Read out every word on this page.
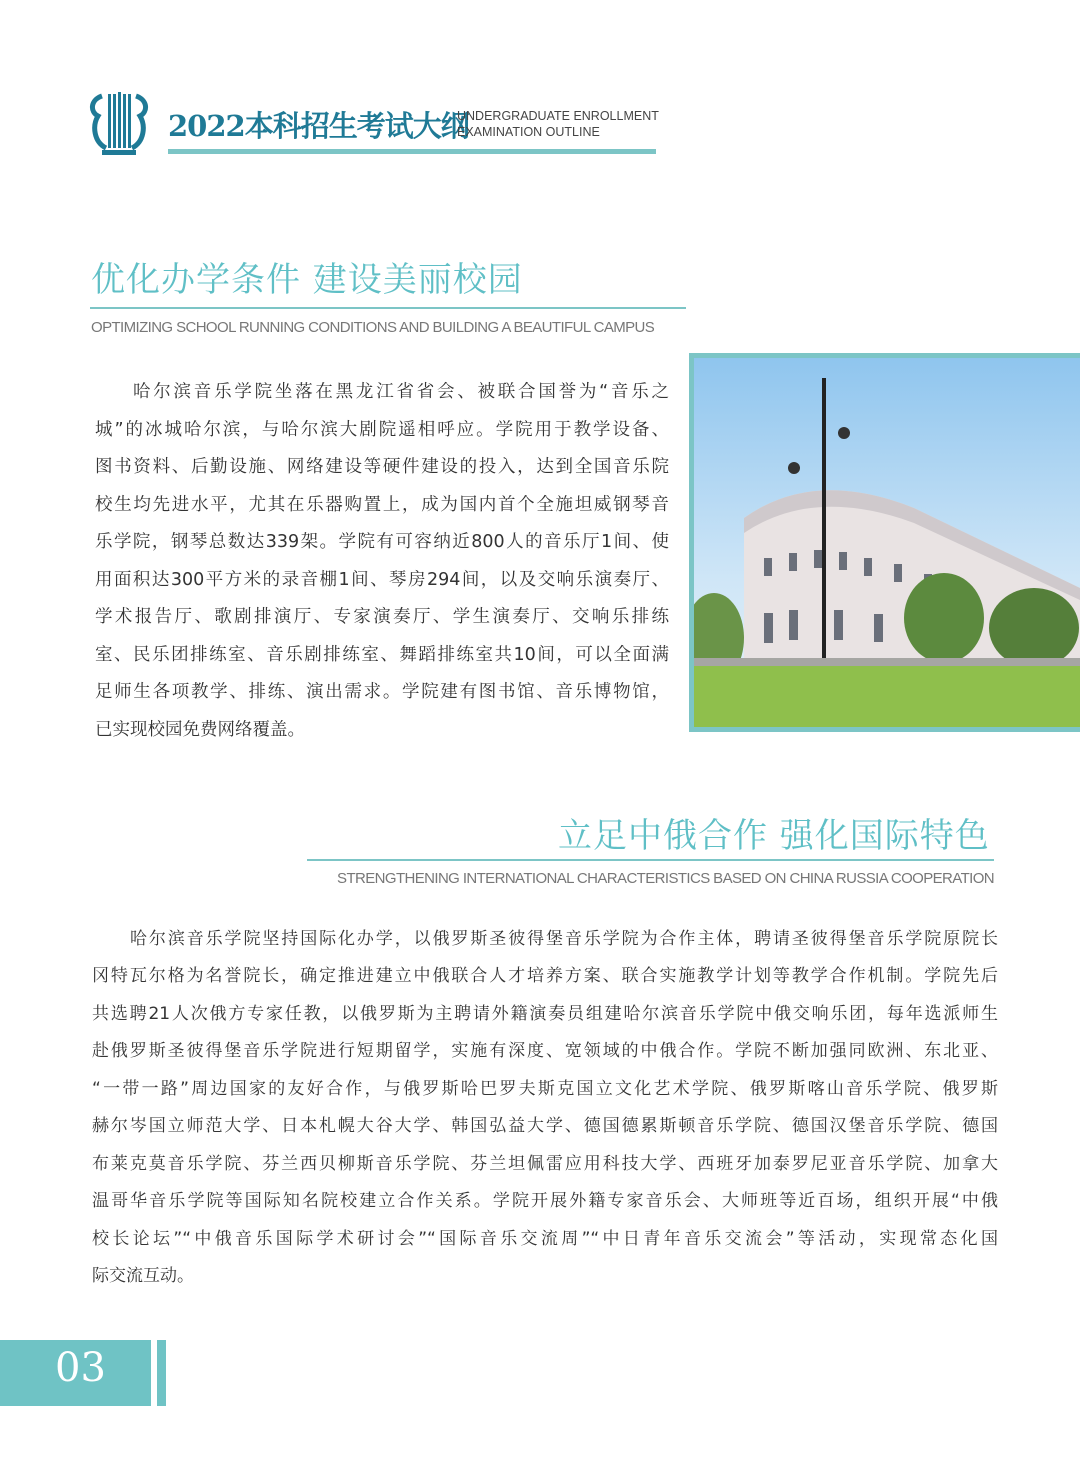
2022本科招生考试大纲
UNDERGRADUATE ENROLLMENT
EXAMINATION OUTLINE
优化办学条件 建设美丽校园
OPTIMIZING SCHOOL RUNNING CONDITIONS AND BUILDING A BEAUTIFUL CAMPUS
哈尔滨音乐学院坐落在黑龙江省省会、被联合国誉为“音乐之
城”的冰城哈尔滨，与哈尔滨大剧院遥相呼应。学院用于教学设备、
图书资料、后勤设施、网络建设等硬件建设的投入，达到全国音乐院
校生均先进水平，尤其在乐器购置上，成为国内首个全施坦威钢琴音
乐学院，钢琴总数达339架。学院有可容纳近800人的音乐厅1间、使
用面积达300平方米的录音棚1间、琴房294间，以及交响乐演奏厅、
学术报告厅、歌剧排演厅、专家演奏厅、学生演奏厅、交响乐排练
室、民乐团排练室、音乐剧排练室、舞蹈排练室共10间，可以全面满
足师生各项教学、排练、演出需求。学院建有图书馆、音乐博物馆，
已实现校园免费网络覆盖。
立足中俄合作 强化国际特色
STRENGTHENING INTERNATIONAL CHARACTERISTICS BASED ON CHINA RUSSIA COOPERATION
哈尔滨音乐学院坚持国际化办学，以俄罗斯圣彼得堡音乐学院为合作主体，聘请圣彼得堡音乐学院原院长
冈特瓦尔格为名誉院长，确定推进建立中俄联合人才培养方案、联合实施教学计划等教学合作机制。学院先后
共选聘21人次俄方专家任教，以俄罗斯为主聘请外籍演奏员组建哈尔滨音乐学院中俄交响乐团，每年选派师生
赴俄罗斯圣彼得堡音乐学院进行短期留学，实施有深度、宽领域的中俄合作。学院不断加强同欧洲、东北亚、
“一带一路”周边国家的友好合作，与俄罗斯哈巴罗夫斯克国立文化艺术学院、俄罗斯喀山音乐学院、俄罗斯
赫尔岑国立师范大学、日本札幌大谷大学、韩国弘益大学、德国德累斯顿音乐学院、德国汉堡音乐学院、德国
布莱克莫音乐学院、芬兰西贝柳斯音乐学院、芬兰坦佩雷应用科技大学、西班牙加泰罗尼亚音乐学院、加拿大
温哥华音乐学院等国际知名院校建立合作关系。学院开展外籍专家音乐会、大师班等近百场，组织开展“中俄
校长论坛”“中俄音乐国际学术研讨会”“国际音乐交流周”“中日青年音乐交流会”等活动，实现常态化国
际交流互动。
03
